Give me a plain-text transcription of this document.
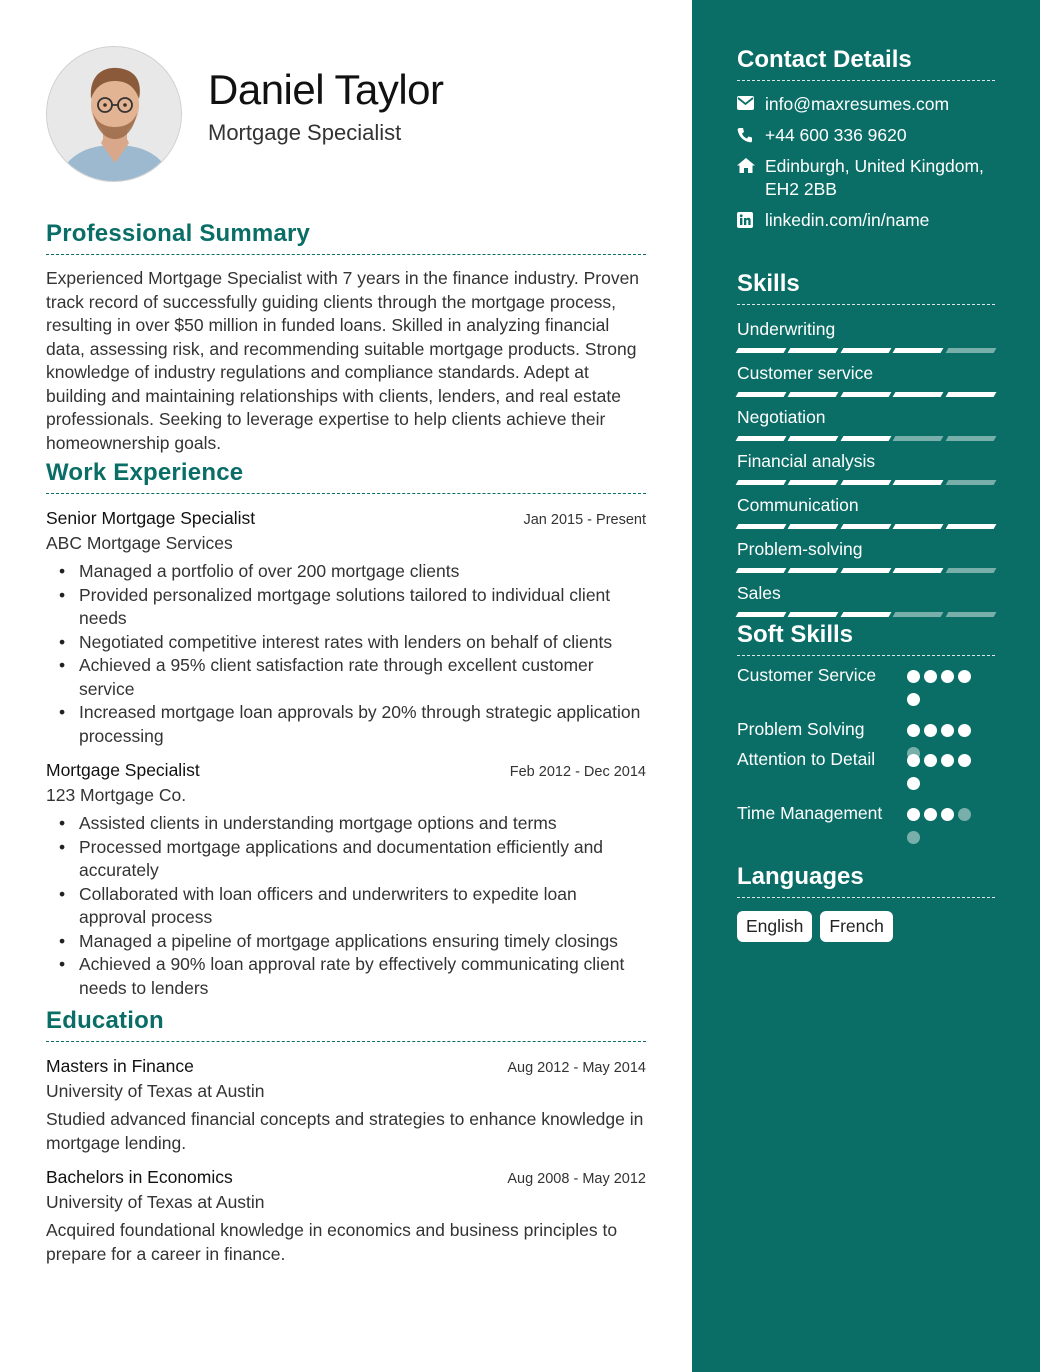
Daniel Taylor
Mortgage Specialist
Professional Summary
Experienced Mortgage Specialist with 7 years in the finance industry. Proven track record of successfully guiding clients through the mortgage process, resulting in over $50 million in funded loans. Skilled in analyzing financial data, assessing risk, and recommending suitable mortgage products. Strong knowledge of industry regulations and compliance standards. Adept at building and maintaining relationships with clients, lenders, and real estate professionals. Seeking to leverage expertise to help clients achieve their homeownership goals.
Work Experience
Senior Mortgage Specialist	Jan 2015 - Present
ABC Mortgage Services
• Managed a portfolio of over 200 mortgage clients
• Provided personalized mortgage solutions tailored to individual client needs
• Negotiated competitive interest rates with lenders on behalf of clients
• Achieved a 95% client satisfaction rate through excellent customer service
• Increased mortgage loan approvals by 20% through strategic application processing
Mortgage Specialist	Feb 2012 - Dec 2014
123 Mortgage Co.
• Assisted clients in understanding mortgage options and terms
• Processed mortgage applications and documentation efficiently and accurately
• Collaborated with loan officers and underwriters to expedite loan approval process
• Managed a pipeline of mortgage applications ensuring timely closings
• Achieved a 90% loan approval rate by effectively communicating client needs to lenders
Education
Masters in Finance	Aug 2012 - May 2014
University of Texas at Austin
Studied advanced financial concepts and strategies to enhance knowledge in mortgage lending.
Bachelors in Economics	Aug 2008 - May 2012
University of Texas at Austin
Acquired foundational knowledge in economics and business principles to prepare for a career in finance.
Contact Details
info@maxresumes.com
+44 600 336 9620
Edinburgh, United Kingdom, EH2 2BB
linkedin.com/in/name
Skills
Underwriting
Customer service
Negotiation
Financial analysis
Communication
Problem-solving
Sales
Soft Skills
Customer Service
Problem Solving
Attention to Detail
Time Management
Languages
English	French
